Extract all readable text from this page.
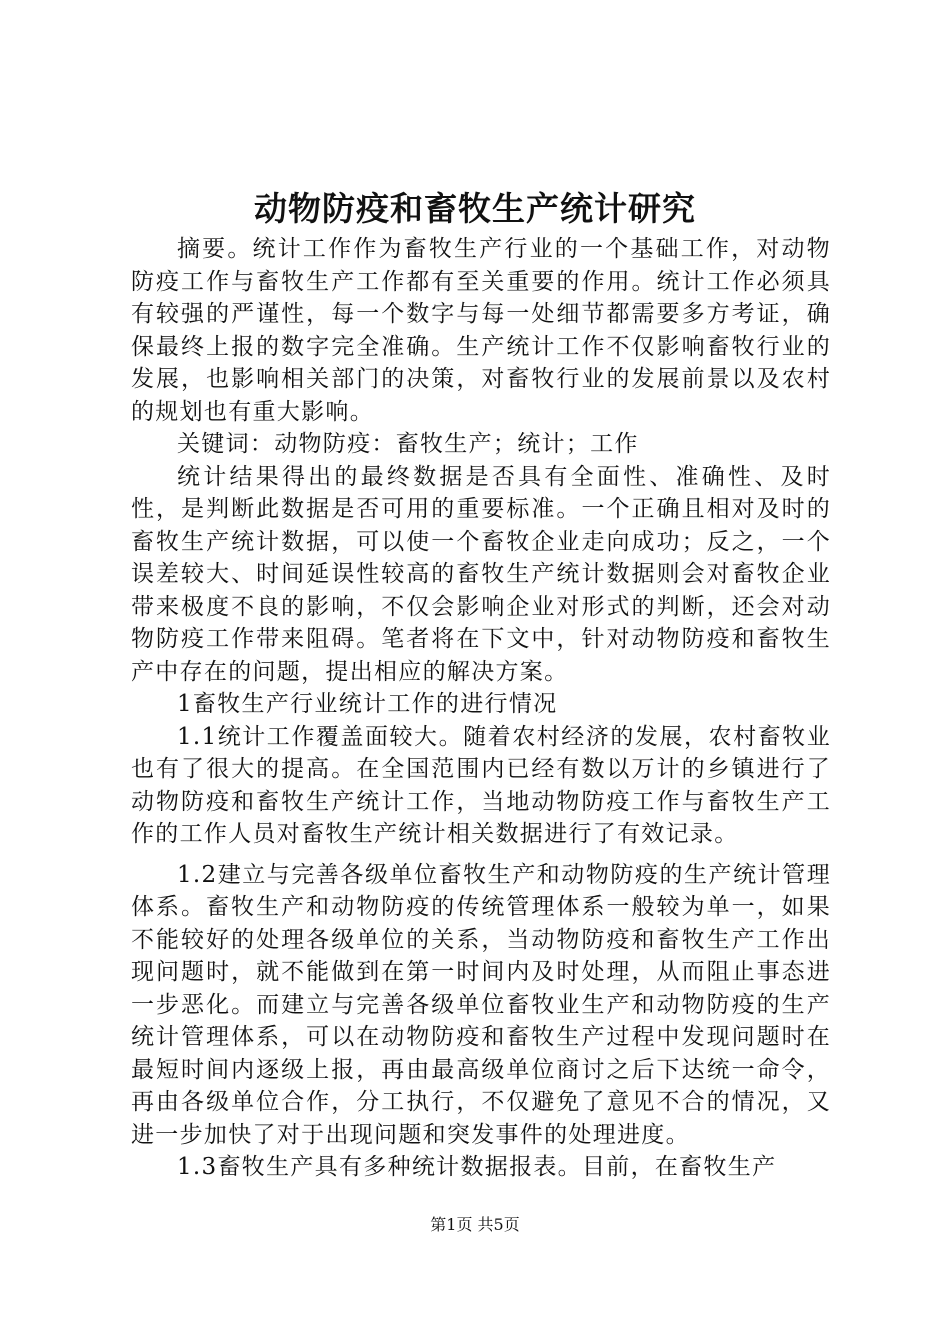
动物防疫和畜牧生产统计研究

摘要。统计工作作为畜牧生产行业的一个基础工作，对动物防疫工作与畜牧生产工作都有至关重要的作用。统计工作必须具有较强的严谨性，每一个数字与每一处细节都需要多方考证，确保最终上报的数字完全准确。生产统计工作不仅影响畜牧行业的发展，也影响相关部门的决策，对畜牧行业的发展前景以及农村的规划也有重大影响。

关键词：动物防疫：畜牧生产；统计；工作

统计结果得出的最终数据是否具有全面性、准确性、及时性，是判断此数据是否可用的重要标准。一个正确且相对及时的畜牧生产统计数据，可以使一个畜牧企业走向成功；反之，一个误差较大、时间延误性较高的畜牧生产统计数据则会对畜牧企业带来极度不良的影响，不仅会影响企业对形式的判断，还会对动物防疫工作带来阻碍。笔者将在下文中，针对动物防疫和畜牧生产中存在的问题，提出相应的解决方案。

1畜牧生产行业统计工作的进行情况

1.1统计工作覆盖面较大。随着农村经济的发展，农村畜牧业也有了很大的提高。在全国范围内已经有数以万计的乡镇进行了动物防疫和畜牧生产统计工作，当地动物防疫工作与畜牧生产工作的工作人员对畜牧生产统计相关数据进行了有效记录。

1.2建立与完善各级单位畜牧生产和动物防疫的生产统计管理体系。畜牧生产和动物防疫的传统管理体系一般较为单一，如果不能较好的处理各级单位的关系，当动物防疫和畜牧生产工作出现问题时，就不能做到在第一时间内及时处理，从而阻止事态进一步恶化。而建立与完善各级单位畜牧业生产和动物防疫的生产统计管理体系，可以在动物防疫和畜牧生产过程中发现问题时在最短时间内逐级上报，再由最高级单位商讨之后下达统一命令，再由各级单位合作，分工执行，不仅避免了意见不合的情况，又进一步加快了对于出现问题和突发事件的处理进度。

1.3畜牧生产具有多种统计数据报表。目前，在畜牧生产

第1页 共5页
